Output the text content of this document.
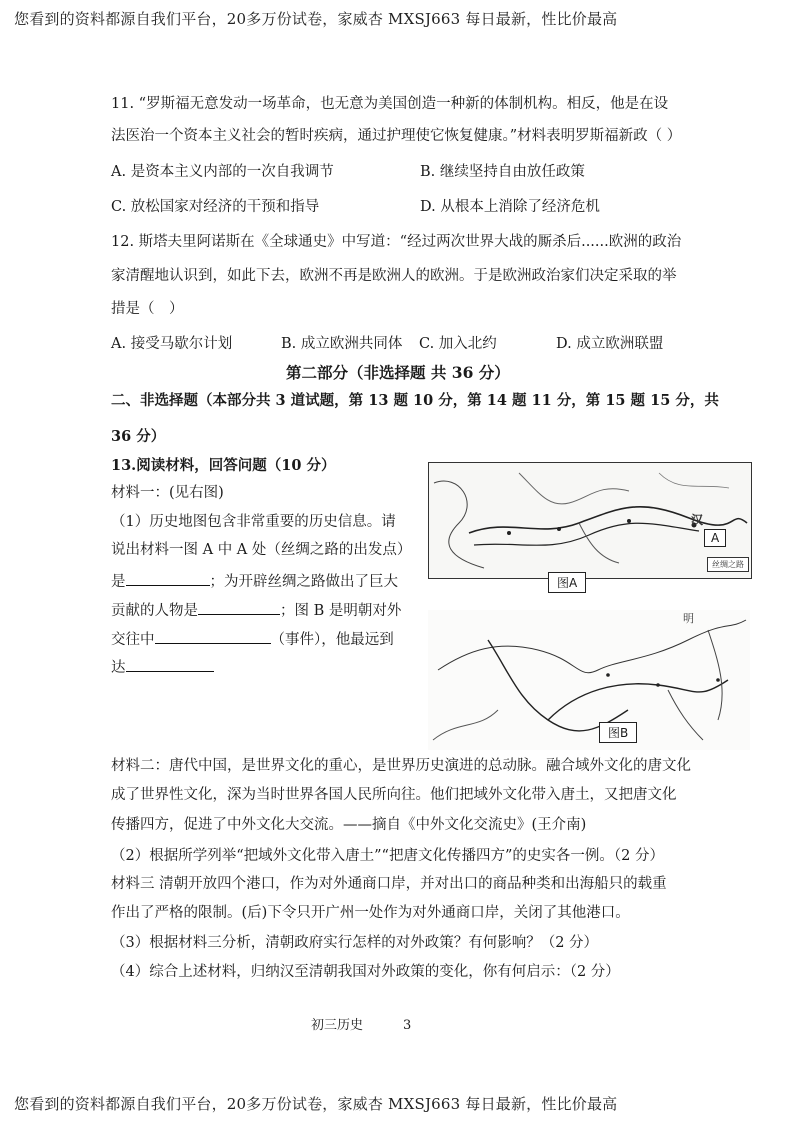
您看到的资料都源自我们平台，20多万份试卷，家威杏 MXSJ663 每日最新，性比价最高
11. “罗斯福无意发动一场革命，也无意为美国创造一种新的体制机构。相反，他是在设
法医治一个资本主义社会的暂时疾病，通过护理使它恢复健康。”材料表明罗斯福新政（ ）
A. 是资本主义内部的一次自我调节	B. 继续坚持自由放任政策
C. 放松国家对经济的干预和指导	D. 从根本上消除了经济危机
12. 斯塔夫里阿诺斯在《全球通史》中写道：“经过两次世界大战的厮杀后......欧洲的政治
家清醒地认识到，如此下去，欧洲不再是欧洲人的欧洲。于是欧洲政治家们决定采取的举
措是（　）
A. 接受马歇尔计划	B. 成立欧洲共同体 C. 加入北约	D. 成立欧洲联盟
第二部分（非选择题 共 36 分）
二、非选择题（本部分共 3 道试题，第 13 题 10 分，第 14 题 11 分，第 15 题 15 分，共
36 分）
13.阅读材料，回答问题（10 分）
材料一：(见右图)
（1）历史地图包含非常重要的历史信息。请
说出材料一图 A 中 A 处（丝绸之路的出发点）
是	；为开辟丝绸之路做出了巨大
贡献的人物是	；图 B 是明朝对外
交往中	（事件），他最远到
达
汉
A
丝绸之路
图A
明
图B
材料二：唐代中国，是世界文化的重心，是世界历史演进的总动脉。融合域外文化的唐文化
成了世界性文化，深为当时世界各国人民所向往。他们把域外文化带入唐土，又把唐文化
传播四方，促进了中外文化大交流。——摘自《中外文化交流史》(王介南)
（2）根据所学列举“把域外文化带入唐土”“把唐文化传播四方”的史实各一例。（2 分）
材料三 清朝开放四个港口，作为对外通商口岸，并对出口的商品种类和出海船只的载重
作出了严格的限制。(后)下令只开广州一处作为对外通商口岸，关闭了其他港口。
（3）根据材料三分析，清朝政府实行怎样的对外政策？有何影响？（2 分）
（4）综合上述材料，归纳汉至清朝我国对外政策的变化，你有何启示：（2 分）
初三历史	3
您看到的资料都源自我们平台，20多万份试卷，家威杏 MXSJ663 每日最新，性比价最高
